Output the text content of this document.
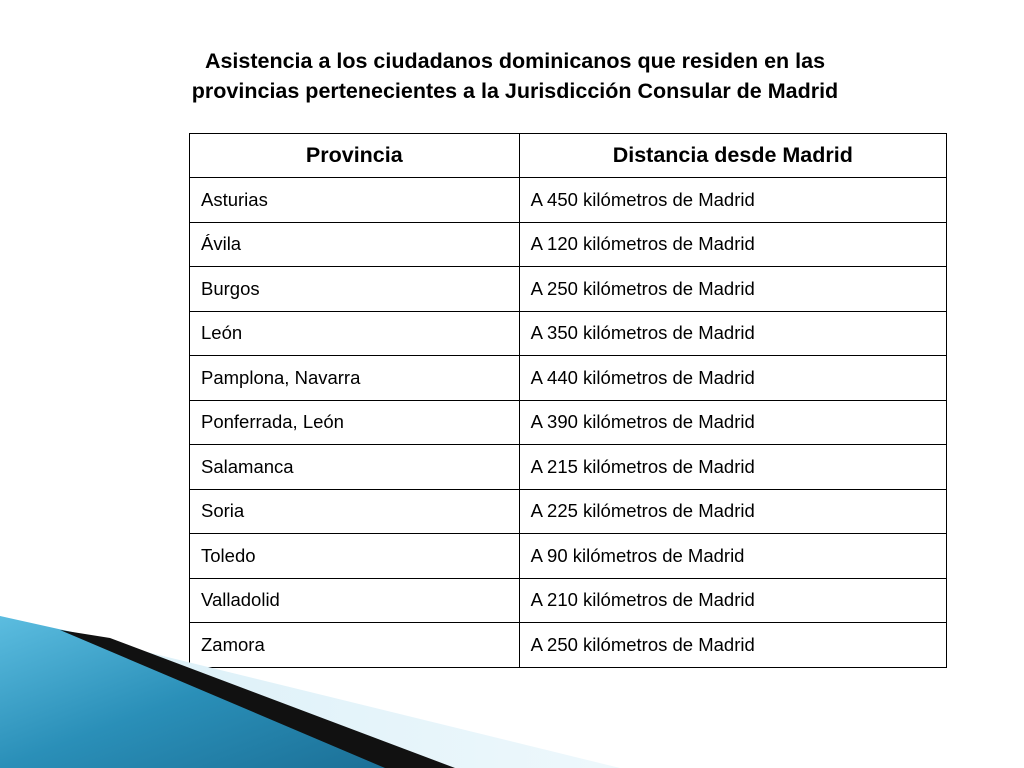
Asistencia a los ciudadanos dominicanos que residen en las
provincias pertenecientes a la Jurisdicción Consular de Madrid
Provincia	Distancia desde Madrid
Asturias	A 450 kilómetros de Madrid
Ávila	A 120 kilómetros de Madrid
Burgos	A 250 kilómetros de Madrid
León	A 350 kilómetros de Madrid
Pamplona, Navarra	A 440 kilómetros de Madrid
Ponferrada, León	A 390 kilómetros de Madrid
Salamanca	A 215 kilómetros de Madrid
Soria	A 225 kilómetros de Madrid
Toledo	A 90 kilómetros de Madrid
Valladolid	A 210 kilómetros de Madrid
Zamora	A 250 kilómetros de Madrid
